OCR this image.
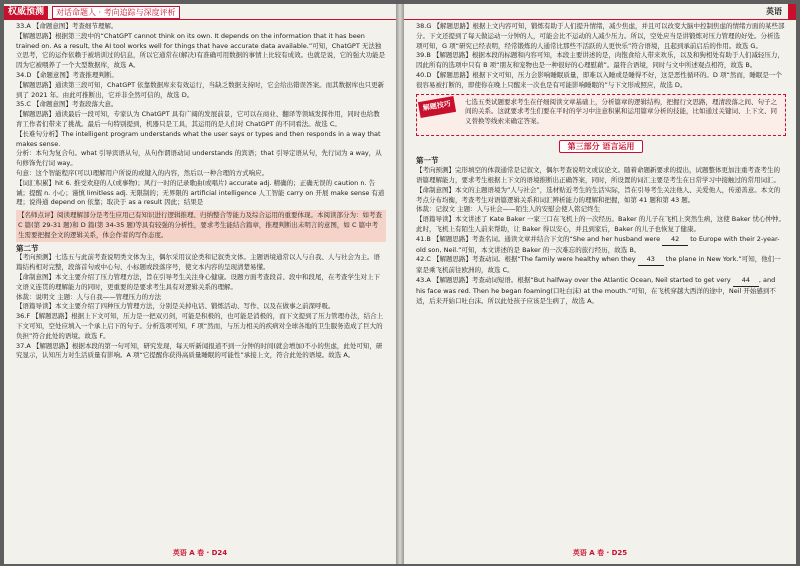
权威预测	对话命题人 · 考向追踪与深度评析

33.A 【命题意图】考查细节理解。

【解题思路】根据第三段中的“ChatGPT cannot think on its own. It depends on the information that it has been trained on. As a result, the AI tool works well for things that have accurate data available.”可知，ChatGPT 无法独立思考，它的运作依赖于被培训过的信息，所以它通常在(解决)有准确可用数据的事情上比较有成效。也就是说，它的强大功能是因为它被喂养了一个大型数据库，故选 A。

34.D 【命题意图】考查推理判断。

【解题思路】通读第三段可知，ChatGPT 依靠数据库来有效运行，当缺乏数据支持时，它会给出错误答案。而其数据库也只更新到了 2021 年。由此可推断出，它并非全然可信的，故选 D。

35.C 【命题意图】考查段落大意。

【解题思路】通读最后一段可知，专家认为 ChatGPT 具有广阔的发展前景，它可以在商业、翻译等领域发挥作用，同时也给教育工作者们带来了挑战。最后一句特别提到，机器只是工具，其运用的是人们对 ChatGPT 的不同看法。故选 C。

【长难句分析】The intelligent program understands what the user says or types and then responds in a way that makes sense.

分析：本句为复合句。what 引导宾语从句，从句作谓语动词 understands 的宾语；that 引导定语从句，先行词为 a way，从句修饰先行词 way。

句意：这个智能程序(可以)理解用户所说的或键入的内容，然后以一种合理的方式响应。

【词汇积累】hit 6. 推受欢迎的人(或事物)；风行一时的记录歌曲(或唱片) accurate adj. 精确的；正确无误的 caution n. 告诫；提醒 n. 小心；谨慎 limitless adj. 无限制的；无界限的 artificial intelligence 人工智能 carry on 开展 make sense 有道理；说得通 depend on 依靠；取决于 as a result 因此；结果是

【名师点评】阅读理解部分是考生应用已有知识进行逻辑推理、归纳整合等能力及综合运用的重要体现。本阅读部分为：如考查 C 篇(第 29-31 题)和 D 篇(第 34-35 题)等具有较强的分析性，要求考生能结合篇章，推理判断出未明言的意图，如 C 篇中考生需要把握全文的逻辑关系，体会作者的写作态度。

第二节

【考向预测】七选五与此前考查说明类文体为主，偶尔采用议论类和记叙类文体。主题语境通常以人与自我、人与社会为主。语篇结构相对完整，段落首句或中心句、小标题或段落序号，使文本内容的呈现清楚易懂。

【命制意图】本文主要介绍了压力管理方法，旨在引导考生关注身心健康。设题方面考查段首、段中和段尾，在考查学生对上下文语义连贯的理解能力的同时，更重要的是要求考生具有对逻辑关系的理解。

体裁：说明文 主题：人与自我——管理压力的方法

【语篇导读】本文主要介绍了四种压力管理方法，分别是关掉电话、锻炼活动、写作、以及在做事之前深呼吸。

36.F 【解题思路】根据上下文可知，压力是一把双刃剑，可能是积极的，也可能是消极的，而下文提到了压力管理办法，结合上下文可知，空处应填入一个承上启下的句子。分析选项可知，F 项“然而，与压力相关的疾病对全球各地的卫生服务造成了巨大的负担”符合此处的语境。故选 F。

37.A 【解题思路】根据本段的第一句可知，研究发现，每天听新闻报道不到一分钟的时间(就会增加)不小的焦虑，此处可知，研究显示，认知压力对生活质量有影响。A 项“它提醒你获得高质量睡眠的可能性”承接上文，符合此处的语境。故选 A。

英语 A 卷 · D24
英语

38.G 【解题思路】根据上文内容可知，锻炼有助于人们提升情绪，减少焦虑，并且可以改变大脑中控制焦虑的情绪方面的某些部分。下文还提到了每天做运动一分钟的人，可能会比不运动的人减少压力。所以，空处应当是讲锻炼对压力管理的好处。分析选项可知，G 项“研究已经表明，经常锻炼的人通常比那些不活跃的人更快乐”符合语境，且起到承前启后的作用。故选 G。

39.B 【解题思路】根据本段的标题和内容可知，本段主要讲述的是，肉饱食给人带来欢乐，以及和狗相处有助于人们减轻压力，因此所有的选项中只有 B 项“朋友和宠物也是一种很好的心理慰藉”。最符合语境，同时与文中所述观点相符，故选 B。

40.D 【解题思路】根据下文可知，压力会影响睡眠质量，即难以入睡或是睡得不好，这是恶性循环的。D 项“然而，睡眠是一个很容易被打断的，即使你在晚上只醒来一次也是有可能影响睡眠的”与下文形成照应，故选 D。

解题技巧	七选五类试题要求考生在仔细阅读文章基础上，分析篇章的逻辑结构，把握行文思路，理清段落之间、句子之间的关系。这就要求考生们要在平时的学习中注意积累和运用篇章分析的技能，比如通过关键词、上下文、同义替换等线索来确定答案。
第三部分 语言运用

第一节

【考向预测】完形填空的体裁通常是记叙文，偶尔考查说明文或议论文。随着命题新要求的提出，试题整体更加注重考查考生的语篇理解能力，要求考生根据上下文的语境推断出正确答案，同时，所设置的词汇主要是考生在日常学习中接触过的常用词汇。

【命制意图】本文的主题语境为“人与社会”，选材贴近考生的生活实际，旨在引导考生关注他人、关爱他人，传递善意。本文的考点分布均衡，考查考生对语篇逻辑关系和词汇辨析能力的理解和把握，如第 41 题和第 43 题。

体裁：记叙文 主题：人与社会——陌生人的安慰会使人铭记终生

【语篇导读】本文讲述了 Kate Baker 一家三口在飞机上的一次经历。Baker 的儿子在飞机上突然生病，这使 Baker 忧心忡忡。此时，飞机上有陌生人前来帮助，让 Baker 得以安心，并且到家后，Baker 的儿子也恢复了健康。

41.B 【解题思路】考查名词。通读文章并结合下文的“She and her husband were 42 to Europe with their 2-year-old son, Neil.”可知，本文讲述的是 Baker 的一次难忘的旅行经历，故选 B。

42.C 【解题思路】考查动词。根据“The family were healthy when they 43 the plane in New York.”可知，他们一家是乘飞机前往欧洲的，故选 C。

43.A 【解题思路】考查动词短语。根据“But halfway over the Atlantic Ocean, Neil started to get very 44 , and his face was red. Then he began foaming(口吐白沫) at the mouth.”可知，在飞机穿越大西洋的途中，Neil 开始感到不适，后来开始口吐白沫。所以此处孩子应该是生病了，故选 A。

英语 A 卷 · D25
